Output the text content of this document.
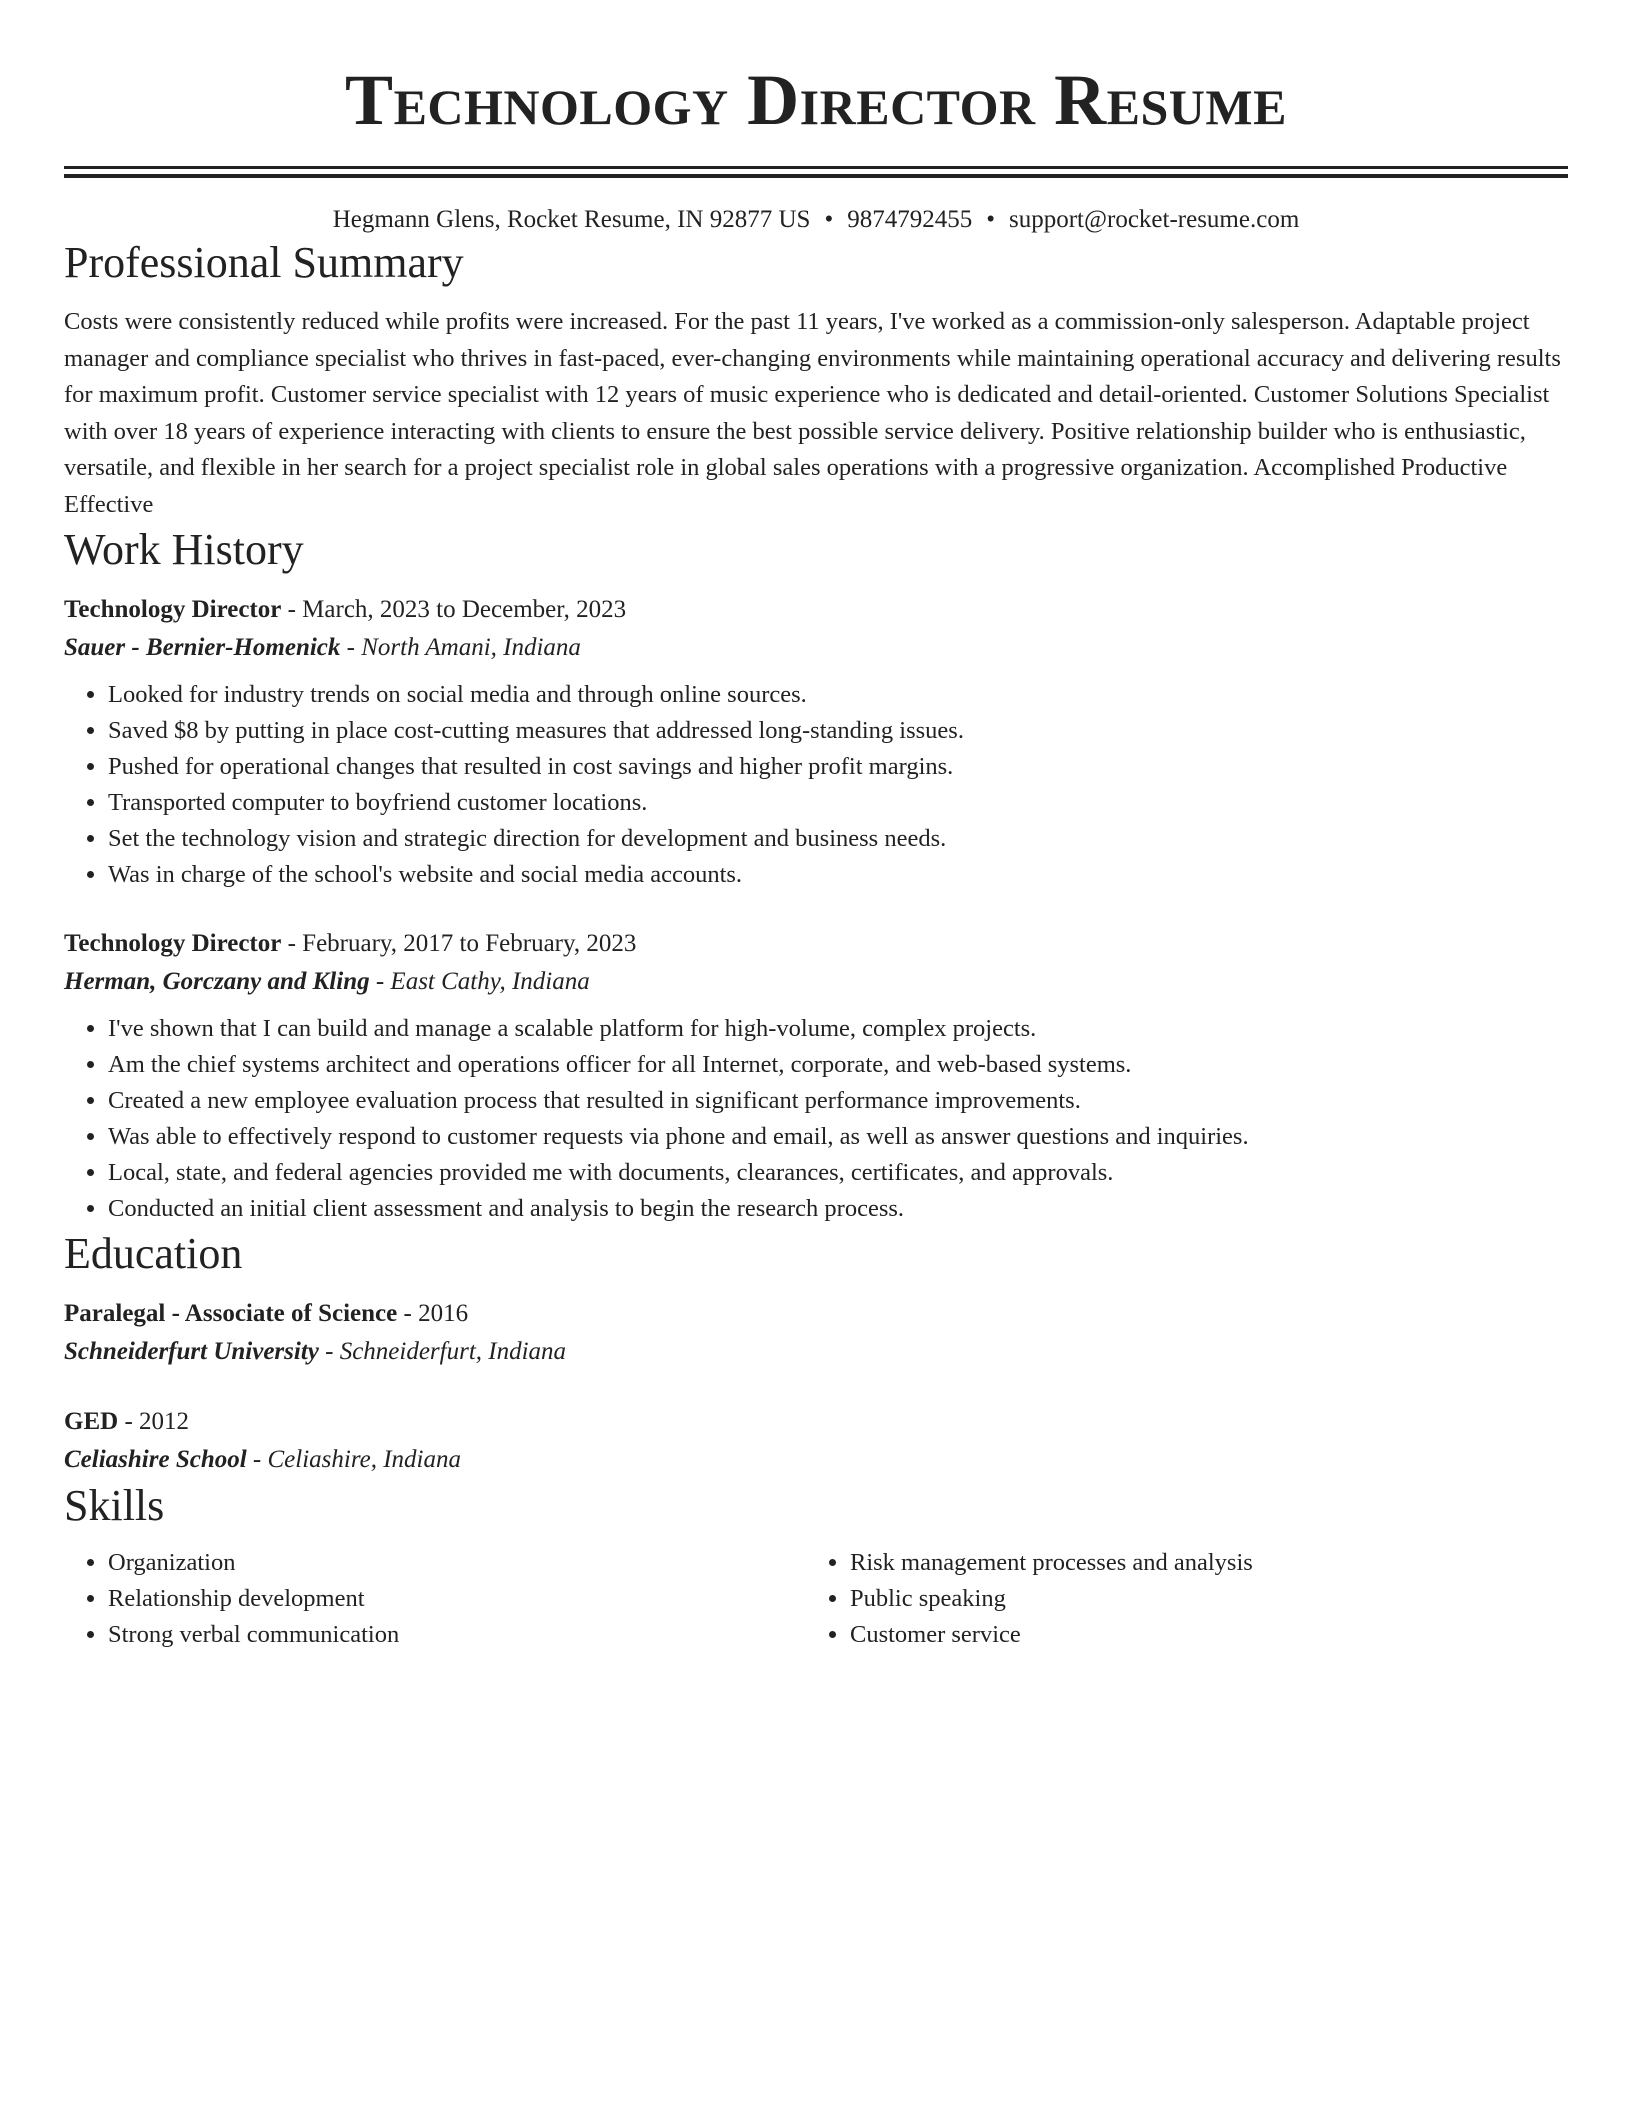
Technology Director Resume
Hegmann Glens, Rocket Resume, IN 92877 US • 9874792455 • support@rocket-resume.com
Professional Summary
Costs were consistently reduced while profits were increased. For the past 11 years, I've worked as a commission-only salesperson. Adaptable project manager and compliance specialist who thrives in fast-paced, ever-changing environments while maintaining operational accuracy and delivering results for maximum profit. Customer service specialist with 12 years of music experience who is dedicated and detail-oriented. Customer Solutions Specialist with over 18 years of experience interacting with clients to ensure the best possible service delivery. Positive relationship builder who is enthusiastic, versatile, and flexible in her search for a project specialist role in global sales operations with a progressive organization. Accomplished Productive Effective
Work History
Technology Director - March, 2023 to December, 2023
Sauer - Bernier-Homenick - North Amani, Indiana
• Looked for industry trends on social media and through online sources.
• Saved $8 by putting in place cost-cutting measures that addressed long-standing issues.
• Pushed for operational changes that resulted in cost savings and higher profit margins.
• Transported computer to boyfriend customer locations.
• Set the technology vision and strategic direction for development and business needs.
• Was in charge of the school's website and social media accounts.
Technology Director - February, 2017 to February, 2023
Herman, Gorczany and Kling - East Cathy, Indiana
• I've shown that I can build and manage a scalable platform for high-volume, complex projects.
• Am the chief systems architect and operations officer for all Internet, corporate, and web-based systems.
• Created a new employee evaluation process that resulted in significant performance improvements.
• Was able to effectively respond to customer requests via phone and email, as well as answer questions and inquiries.
• Local, state, and federal agencies provided me with documents, clearances, certificates, and approvals.
• Conducted an initial client assessment and analysis to begin the research process.
Education
Paralegal - Associate of Science - 2016
Schneiderfurt University - Schneiderfurt, Indiana
GED - 2012
Celiashire School - Celiashire, Indiana
Skills
• Organization
• Relationship development
• Strong verbal communication
• Risk management processes and analysis
• Public speaking
• Customer service
